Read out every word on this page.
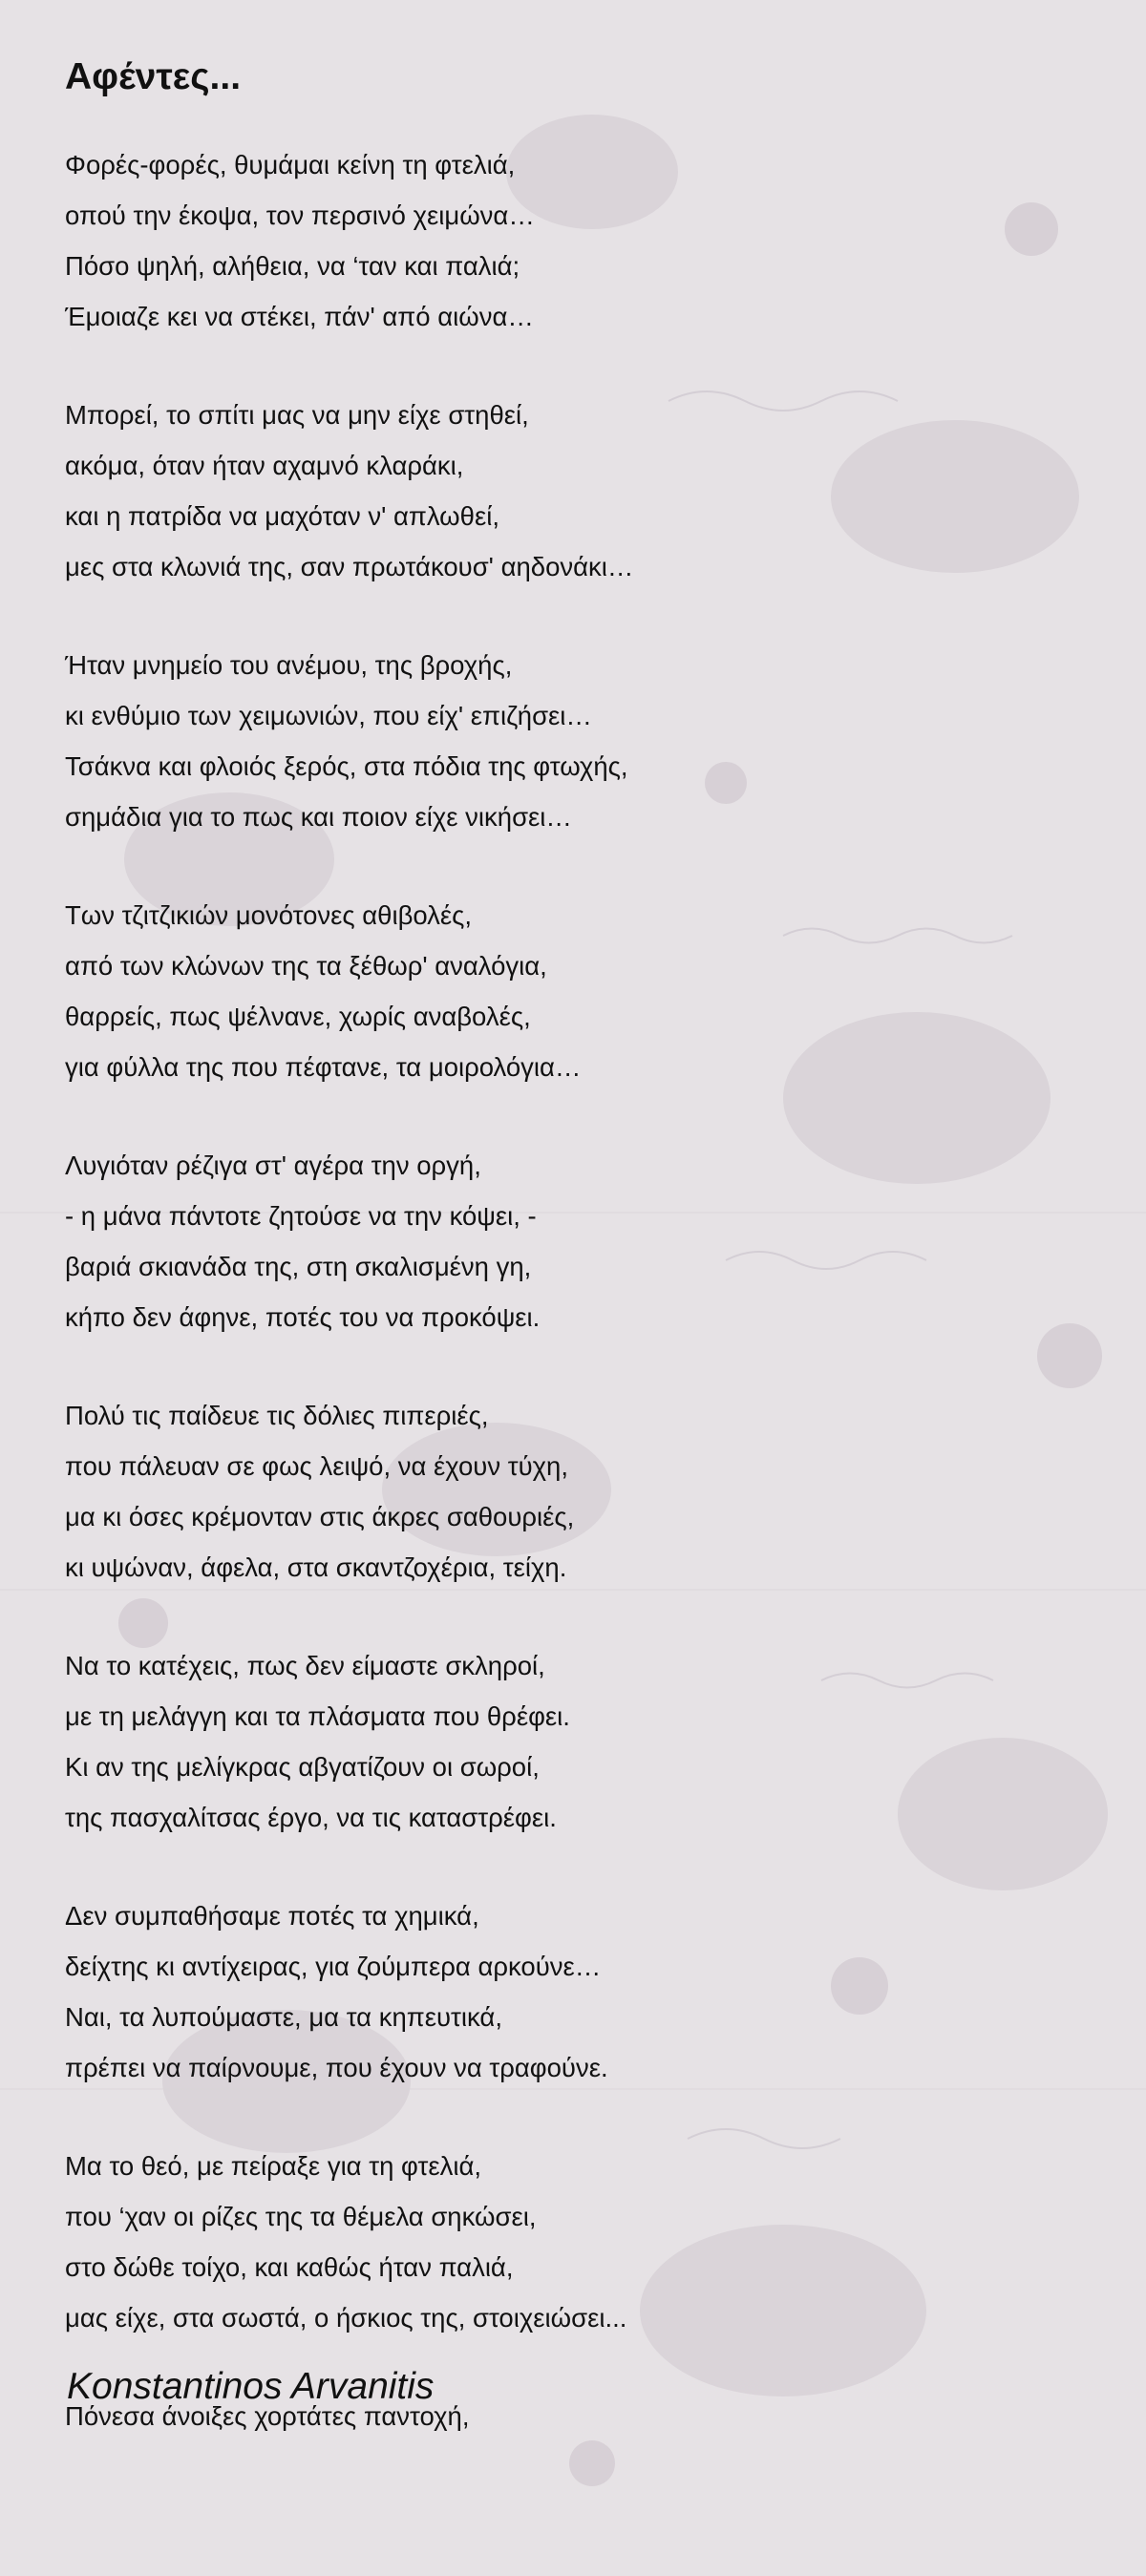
Αφέντες...
Φορές-φορές, θυμάμαι κείνη τη φτελιά,
οπού την έκοψα, τον περσινό χειμώνα…
Πόσο ψηλή, αλήθεια, να ‘ταν και παλιά;
Έμοιαζε κει να στέκει, πάν' από αιώνα…
Μπορεί, το σπίτι μας να μην είχε στηθεί,
ακόμα, όταν ήταν αχαμνό κλαράκι,
και η πατρίδα να μαχόταν ν' απλωθεί,
μες στα κλωνιά της, σαν πρωτάκουσ' αηδονάκι…
Ήταν μνημείο του ανέμου, της βροχής,
κι ενθύμιο των χειμωνιών, που είχ' επιζήσει…
Τσάκνα και φλοιός ξερός, στα πόδια της φτωχής,
σημάδια για το πως και ποιον είχε νικήσει…
Των τζιτζικιών μονότονες αθιβολές,
από των κλώνων της τα ξέθωρ' αναλόγια,
θαρρείς, πως ψέλνανε, χωρίς αναβολές,
για φύλλα της που πέφτανε, τα μοιρολόγια…
Λυγιόταν ρέζιγα στ' αγέρα την οργή,
- η μάνα πάντοτε ζητούσε να την κόψει, -
βαριά σκιανάδα της, στη σκαλισμένη γη,
κήπο δεν άφηνε, ποτές του να προκόψει.
Πολύ τις παίδευε τις δόλιες πιπεριές,
που πάλευαν σε φως λειψό, να έχουν τύχη,
μα κι όσες κρέμονταν στις άκρες σαθουριές,
κι υψώναν, άφελα, στα σκαντζοχέρια, τείχη.
Να το κατέχεις, πως δεν είμαστε σκληροί,
με τη μελάγγη και τα πλάσματα που θρέφει.
Κι αν της μελίγκρας αβγατίζουν οι σωροί,
της πασχαλίτσας έργο, να τις καταστρέφει.
Δεν συμπαθήσαμε ποτές τα χημικά,
δείχτης κι αντίχειρας, για ζούμπερα αρκούνε…
Ναι, τα λυπούμαστε, μα τα κηπευτικά,
πρέπει να παίρνουμε, που έχουν να τραφούνε.
Μα το θεό, με πείραξε για τη φτελιά,
που ‘χαν οι ρίζες της τα θέμελα σηκώσει,
στο δώθε τοίχο, και καθώς ήταν παλιά,
μας είχε, στα σωστά, ο ήσκιος της, στοιχειώσει...
Πόνεσα άνοιξες χορτάτες παντοχή,
Konstantinos Arvanitis
